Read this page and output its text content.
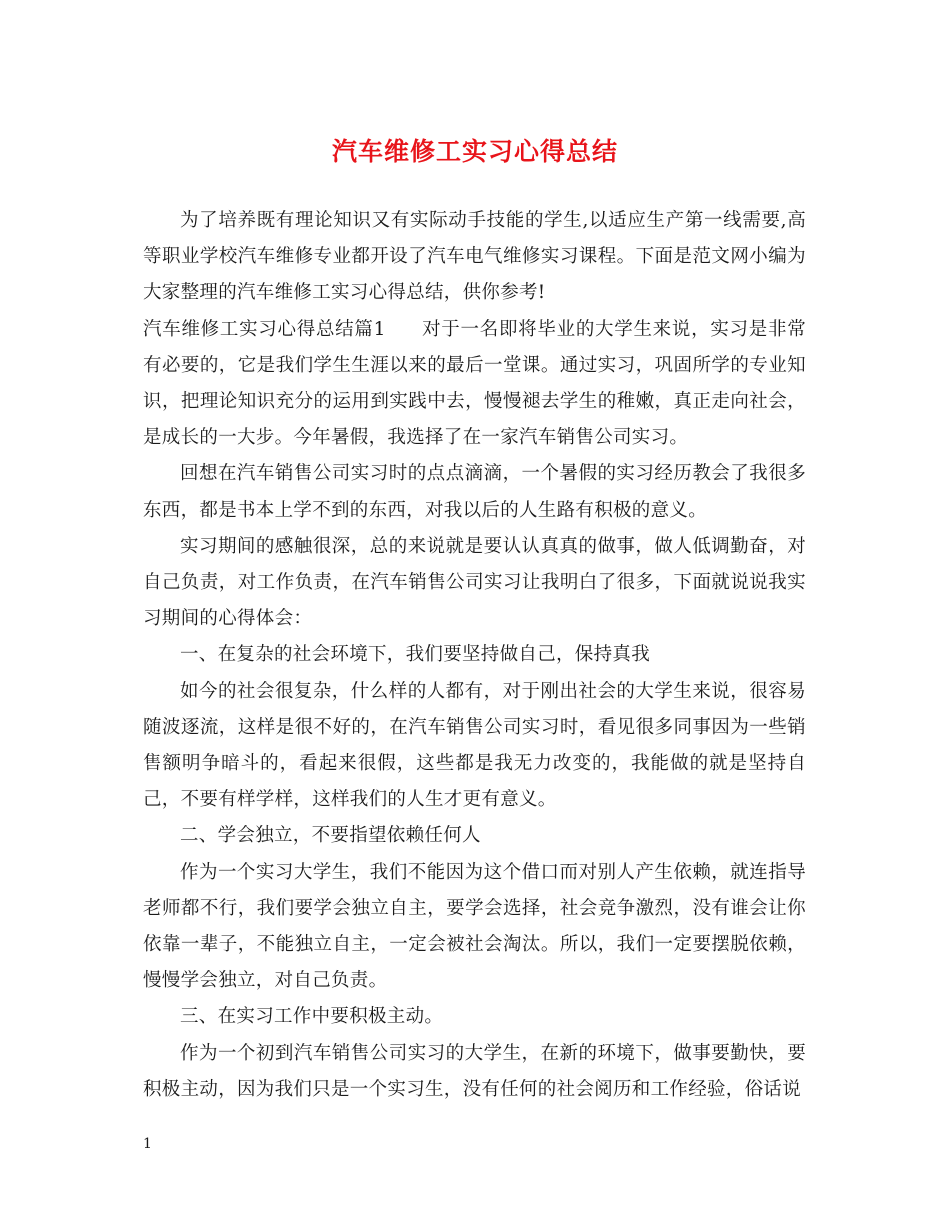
汽车维修工实习心得总结

为了培养既有理论知识又有实际动手技能的学生,以适应生产第一线需要,高等职业学校汽车维修专业都开设了汽车电气维修实习课程。下面是范文网小编为大家整理的汽车维修工实习心得总结，供你参考!

汽车维修工实习心得总结篇1 对于一名即将毕业的大学生来说，实习是非常有必要的，它是我们学生生涯以来的最后一堂课。通过实习，巩固所学的专业知识，把理论知识充分的运用到实践中去，慢慢褪去学生的稚嫩，真正走向社会，是成长的一大步。今年暑假，我选择了在一家汽车销售公司实习。

回想在汽车销售公司实习时的点点滴滴，一个暑假的实习经历教会了我很多东西，都是书本上学不到的东西，对我以后的人生路有积极的意义。

实习期间的感触很深，总的来说就是要认认真真的做事，做人低调勤奋，对自己负责，对工作负责，在汽车销售公司实习让我明白了很多，下面就说说我实习期间的心得体会：

一、在复杂的社会环境下，我们要坚持做自己，保持真我

如今的社会很复杂，什么样的人都有，对于刚出社会的大学生来说，很容易随波逐流，这样是很不好的，在汽车销售公司实习时，看见很多同事因为一些销售额明争暗斗的，看起来很假，这些都是我无力改变的，我能做的就是坚持自己，不要有样学样，这样我们的人生才更有意义。

二、学会独立，不要指望依赖任何人

作为一个实习大学生，我们不能因为这个借口而对别人产生依赖，就连指导老师都不行，我们要学会独立自主，要学会选择，社会竞争激烈，没有谁会让你依靠一辈子，不能独立自主，一定会被社会淘汰。所以，我们一定要摆脱依赖，慢慢学会独立，对自己负责。

三、在实习工作中要积极主动。

作为一个初到汽车销售公司实习的大学生，在新的环境下，做事要勤快，要积极主动，因为我们只是一个实习生，没有任何的社会阅历和工作经验，俗话说

1
